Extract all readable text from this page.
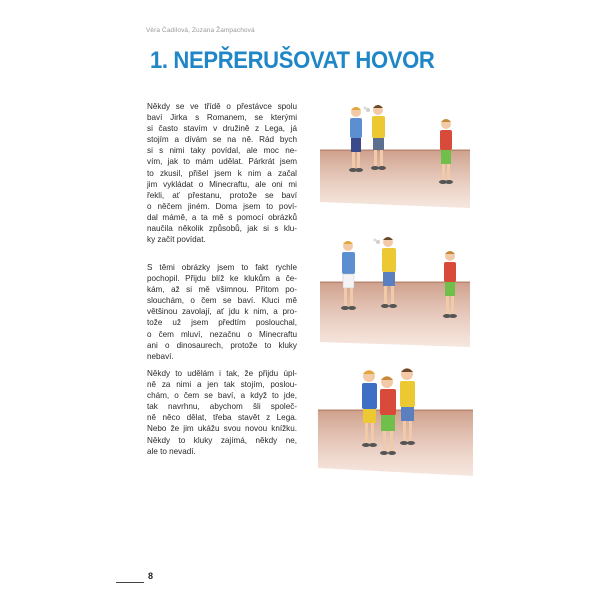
Věra Čadilová, Zuzana Žampachová
1. NEPŘERUŠOVAT HOVOR
Někdy se ve třídě o přestávce spolu
baví Jirka s Romanem, se kterými
si často stavím v družině z Lega, já
stojím a dívám se na ně. Rád bych
si s nimi taky povídal, ale moc ne-
vím, jak to mám udělat. Párkrát jsem
to zkusil, přišel jsem k nim a začal
jim vykládat o Minecraftu, ale oni mi
řekli, ať přestanu, protože se baví
o něčem jiném. Doma jsem to poví-
dal mámě, a ta mě s pomocí obrázků
naučila několik způsobů, jak si s klu-
ky začít povídat.
S těmi obrázky jsem to fakt rychle
pochopil. Přijdu blíž ke klukům a če-
kám, až si mě všimnou. Přitom po-
slouchám, o čem se baví. Kluci mě
většinou zavolají, ať jdu k nim, a pro-
tože už jsem předtím poslouchal,
o čem mluví, nezačnu o Minecraftu
ani o dinosaurech, protože to kluky
nebaví.
Někdy to udělám i tak, že přijdu úpl-
ně za nimi a jen tak stojím, poslou-
chám, o čem se baví, a když to jde,
tak navrhnu, abychom šli společ-
ně něco dělat, třeba stavět z Lega.
Nebo že jim ukážu svou novou knížku.
Někdy to kluky zajímá, někdy ne,
ale to nevadí.
8
